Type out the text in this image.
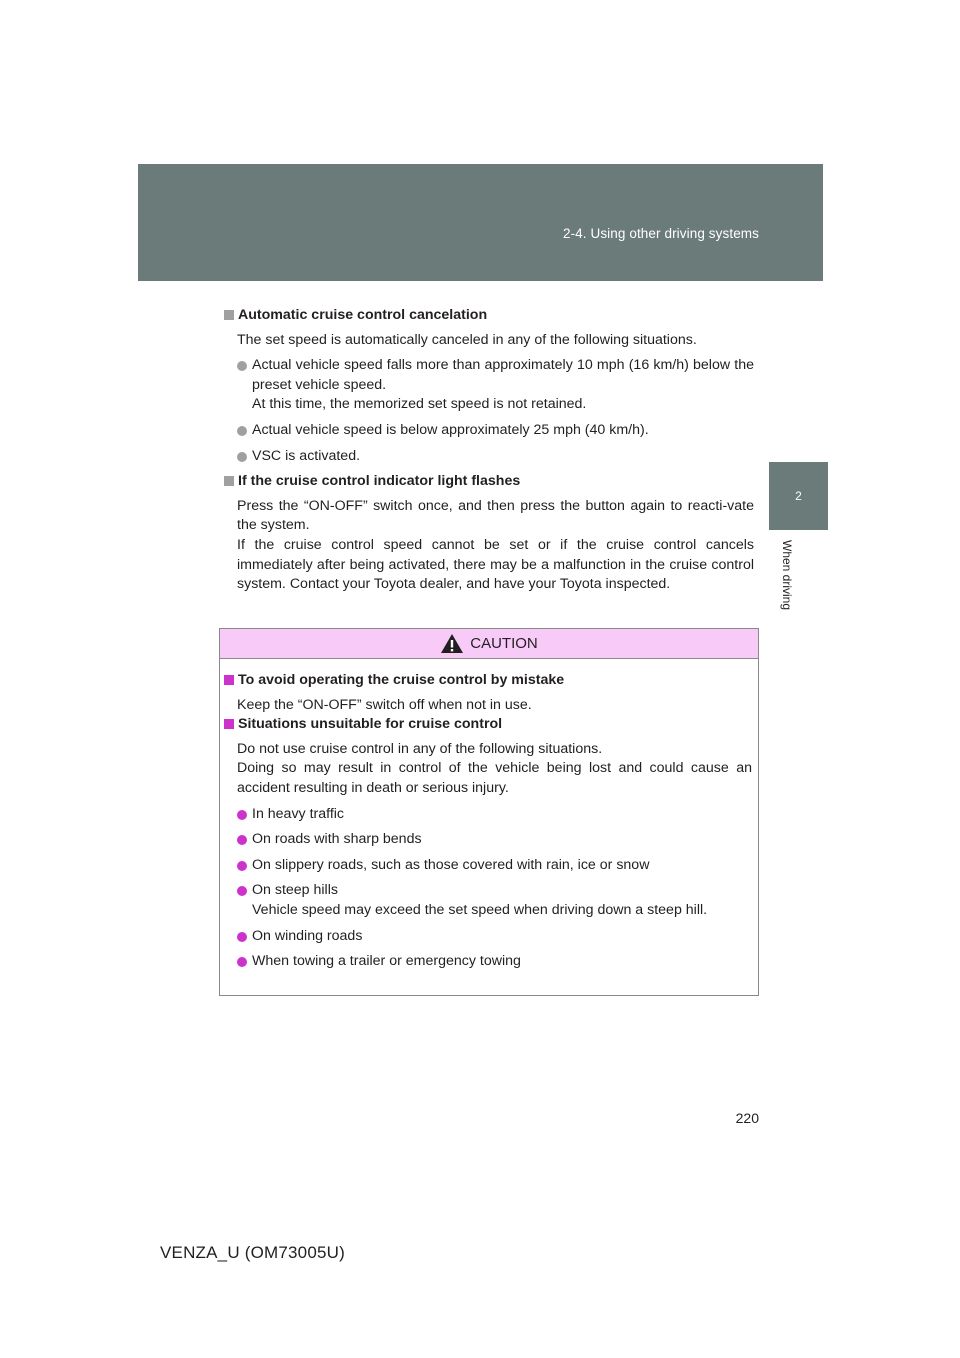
2-4. Using other driving systems
2
When driving

Automatic cruise control cancelation

The set speed is automatically canceled in any of the following situations.

Actual vehicle speed falls more than approximately 10 mph (16 km/h) below the preset vehicle speed.
At this time, the memorized set speed is not retained.
Actual vehicle speed is below approximately 25 mph (40 km/h).
VSC is activated.

If the cruise control indicator light flashes

Press the “ON-OFF” switch once, and then press the button again to reacti-vate the system.

If the cruise control speed cannot be set or if the cruise control cancels immediately after being activated, there may be a malfunction in the cruise control system. Contact your Toyota dealer, and have your Toyota inspected.

CAUTION

To avoid operating the cruise control by mistake

Keep the “ON-OFF” switch off when not in use.

Situations unsuitable for cruise control

Do not use cruise control in any of the following situations.

Doing so may result in control of the vehicle being lost and could cause an accident resulting in death or serious injury.

In heavy traffic
On roads with sharp bends
On slippery roads, such as those covered with rain, ice or snow
On steep hills
Vehicle speed may exceed the set speed when driving down a steep hill.
On winding roads
When towing a trailer or emergency towing
220
VENZA_U (OM73005U)
